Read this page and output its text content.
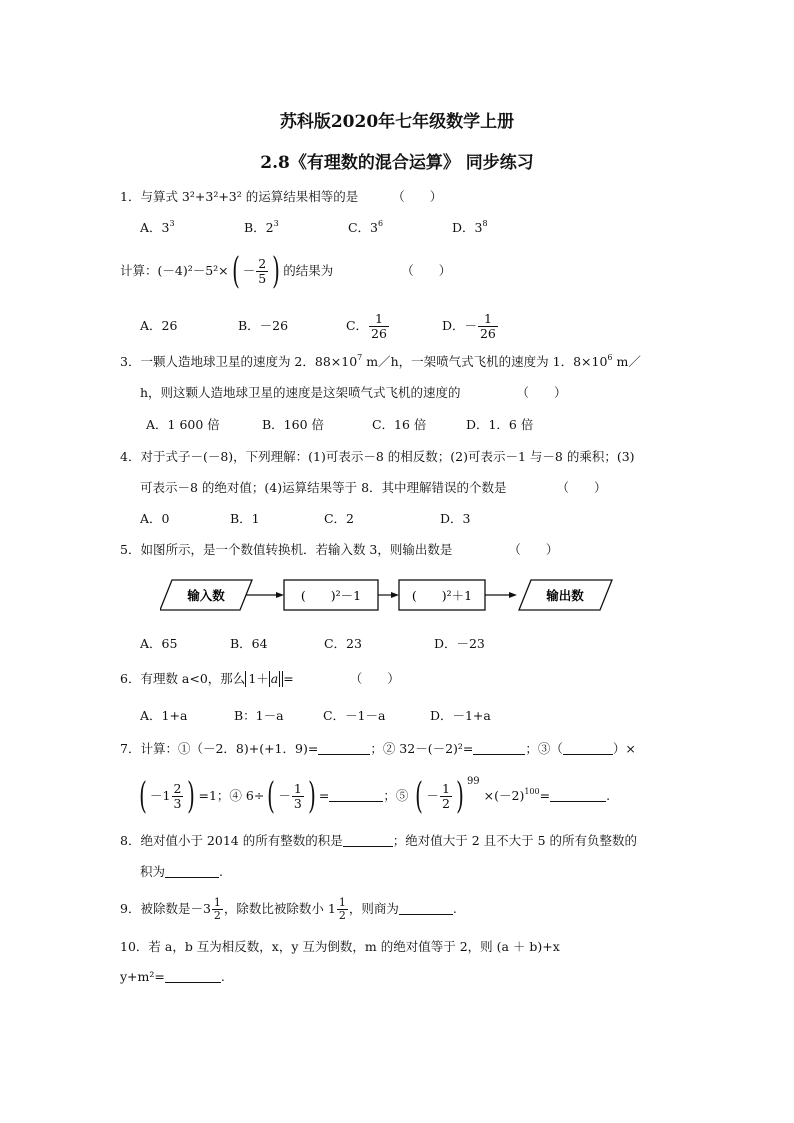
苏科版2020年七年级数学上册
2.8《有理数的混合运算》 同步练习
1．与算式 3²+3²+3² 的运算结果相等的是	（　　）
A．$3^3$	B．$2^3$	C．$3^6$	D．$3^8$
计算：$(-4)^2-5^2\times( - \frac{2}{5}$ ) 的结果为	（　　）
A．26	B．－26	C． $\frac{1}{26}$	D．－ $\frac{1}{26}$
3．一颗人造地球卫星的速度为 2．$88\times 10^7$ m／h，一架喷气式飞机的速度为 1．$8\times 10^6$ m／
h，则这颗人造地球卫星的速度是这架喷气式飞机的速度的	（　　）
A．1 600 倍	B．160 倍	C．16 倍	D．1．6 倍
4．对于式子－(－8)，下列理解：(1)可表示－8 的相反数；(2)可表示－1 与－8 的乘积；(3)
可表示－8 的绝对值；(4)运算结果等于 8．其中理解错误的个数是	（　　）
A．0	B．1	C．2	D．3
5．如图所示，是一个数值转换机．若输入数 3，则输出数是	（　　）
输入数	(　　)²－1	(　　)²＋1	输出数
A．65	B．64	C．23	D．－23
6．有理数 a<0，那么 1＋ a =	（　　）
A．1+a	B：1－a	C．－1－a	D．－1+a
7．计算：①（－2．8)+(+1．9)=	；② 32－(－2)²=	；③（	）×
( $-1 \frac{2}{3}$ ) =1；④ $6\div( - \frac{1}{3}$ ) =	；⑤ ( － $\frac{1}{2}$ ) $^{99} \times(-2)^{100}=$	.
8．绝对值小于 2014 的所有整数的积是	；绝对值大于 2 且不大于 5 的所有负整数的
积为	.
9．被除数是$-3 \frac{1}{2}$ ，除数比被除数小 $1 \frac{1}{2}$ ，则商为	.
10．若 a，b 互为相反数，x，y 互为倒数，m 的绝对值等于 2，则 (a ＋ b)+x
y+m²=	.
